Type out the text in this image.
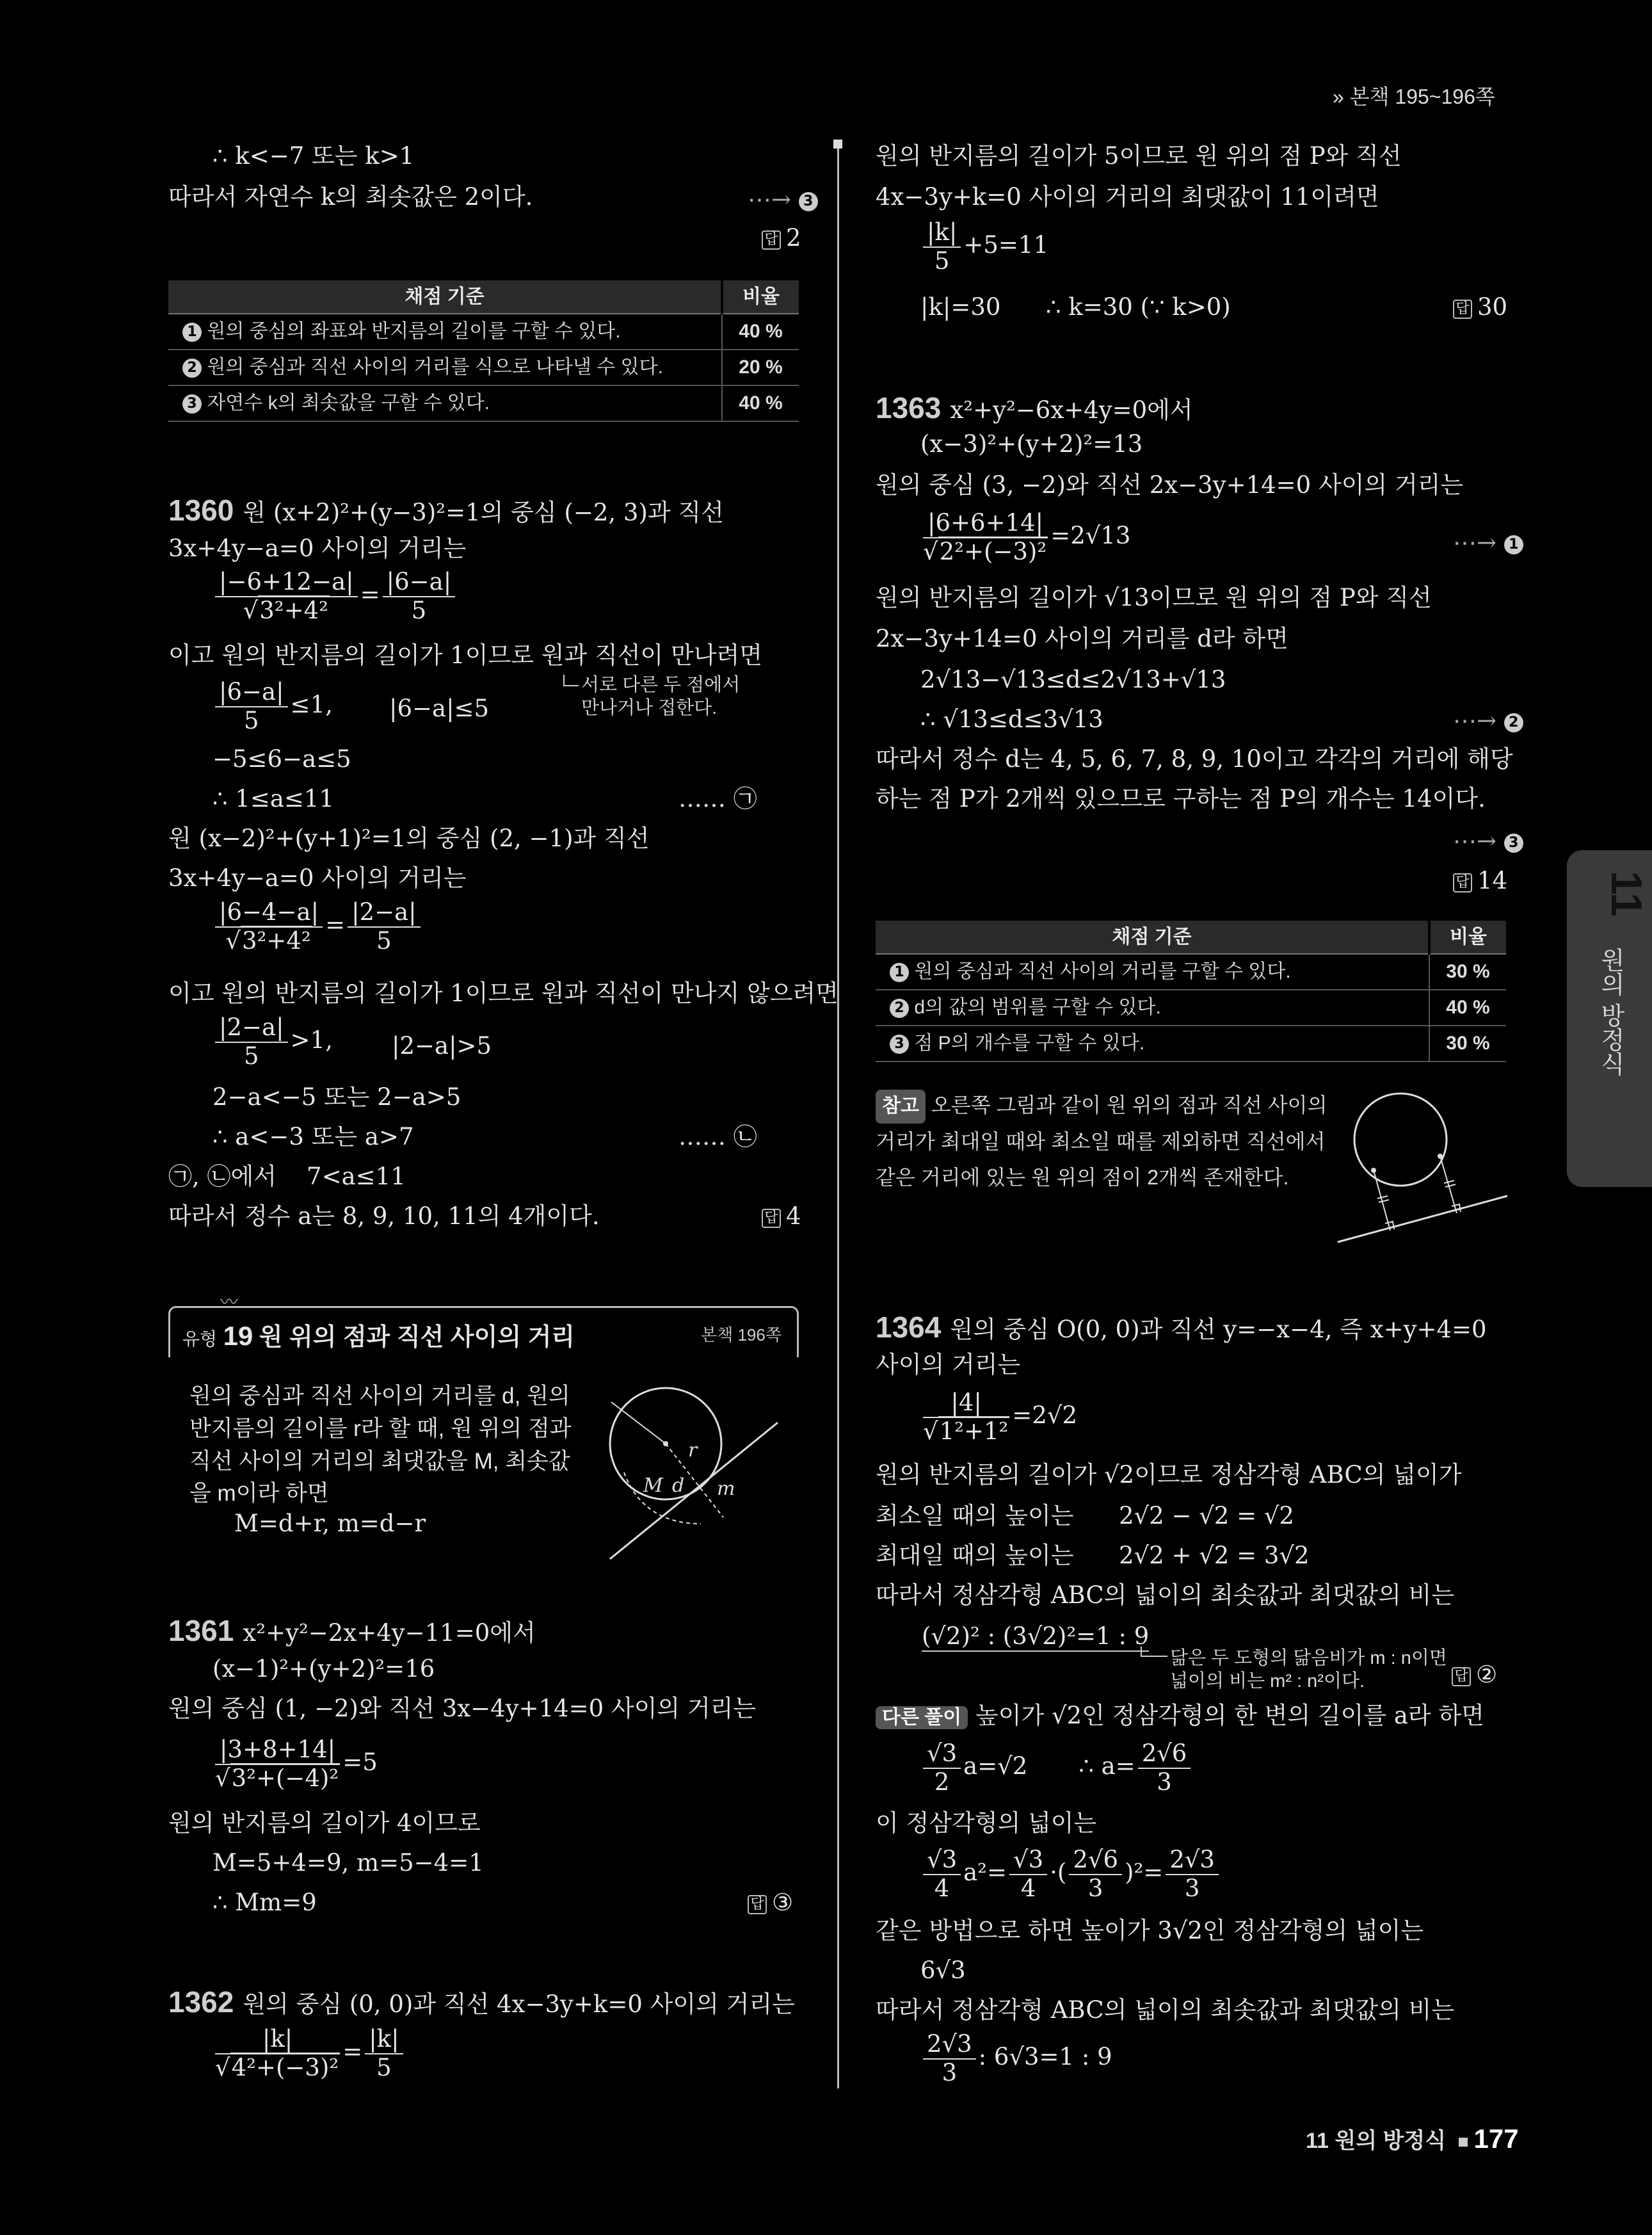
» 본책 195~196쪽
∴ k<−7 또는 k>1
따라서 자연수 k의 최솟값은 2이다.	⋯→ 3
답 2
채점 기준	비율
1 원의 중심의 좌표와 반지름의 길이를 구할 수 있다.	40 %
2 원의 중심과 직선 사이의 거리를 식으로 나타낼 수 있다.	20 %
3 자연수 k의 최솟값을 구할 수 있다.	40 %
1360 원 (x+2)²+(y−3)²=1의 중심 (−2, 3)과 직선
3x+4y−a=0 사이의 거리는
$\frac{|-6+12-a|}{\text{√3²+4²}} = \frac{|6-a|}{5}$
이고 원의 반지름의 길이가 1이므로 원과 직선이 만나려면
서로 다른 두 점에서
만나거나 접한다.
$\frac{|6-a|}{5} \le 1$, |6−a|≤5
−5≤6−a≤5
∴ 1≤a≤11	…… ㉠
원 (x−2)²+(y+1)²=1의 중심 (2, −1)과 직선
3x+4y−a=0 사이의 거리는
$\frac{|6-4-a|}{\text{√3²+4²}} = \frac{|2-a|}{5}$
이고 원의 반지름의 길이가 1이므로 원과 직선이 만나지 않으려면
$\frac{|2-a|}{5} >1$, |2−a|>5
2−a<−5 또는 2−a>5
∴ a<−3 또는 a>7	…… ㉡
㉠, ㉡에서    7<a≤11
따라서 정수 a는 8, 9, 10, 11의 4개이다.	답 4
〰
유형 19 원 위의 점과 직선 사이의 거리	본책 196쪽
원의 중심과 직선 사이의 거리를 d, 원의
반지름의 길이를 r라 할 때, 원 위의 점과
직선 사이의 거리의 최댓값을 M, 최솟값
을 m이라 하면
M=d+r, m=d−r
r
M d m
1361 x²+y²−2x+4y−11=0에서
(x−1)²+(y+2)²=16
원의 중심 (1, −2)와 직선 3x−4y+14=0 사이의 거리는
$\frac{|3+8+14|}{\text{√3²+(−4)²}} =5$
원의 반지름의 길이가 4이므로
M=5+4=9, m=5−4=1
∴ Mm=9	답 ③
1362 원의 중심 (0, 0)과 직선 4x−3y+k=0 사이의 거리는
$\frac{|k|}{\text{√4²+(−3)²}} = \frac{|k|}{5}$
원의 반지름의 길이가 5이므로 원 위의 점 P와 직선
4x−3y+k=0 사이의 거리의 최댓값이 11이려면
$\frac{|k|}{5} +5=11$
|k|=30      ∴ k=30 (∵ k>0)	답 30
1363 x²+y²−6x+4y=0에서
(x−3)²+(y+2)²=13
원의 중심 (3, −2)와 직선 2x−3y+14=0 사이의 거리는
$\frac{|6+6+14|}{\text{√2²+(−3)²}} =2√13$	⋯→ 1
원의 반지름의 길이가 √13이므로 원 위의 점 P와 직선
2x−3y+14=0 사이의 거리를 d라 하면
2√13−√13≤d≤2√13+√13
∴ √13≤d≤3√13	⋯→ 2
따라서 정수 d는 4, 5, 6, 7, 8, 9, 10이고 각각의 거리에 해당
하는 점 P가 2개씩 있으므로 구하는 점 P의 개수는 14이다.
⋯→ 3
답 14
채점 기준	비율
1 원의 중심과 직선 사이의 거리를 구할 수 있다.	30 %
2 d의 값의 범위를 구할 수 있다.	40 %
3 점 P의 개수를 구할 수 있다.	30 %
참고 오른쪽 그림과 같이 원 위의 점과 직선 사이의
거리가 최대일 때와 최소일 때를 제외하면 직선에서
같은 거리에 있는 원 위의 점이 2개씩 존재한다.
1364 원의 중심 O(0, 0)과 직선 y=−x−4, 즉 x+y+4=0
사이의 거리는
$\frac{|4|}{\text{√1²+1²}} =2√2$
원의 반지름의 길이가 √2이므로 정삼각형 ABC의 넓이가
최소일 때의 높이는      2√2 − √2 = √2
최대일 때의 높이는      2√2 + √2 = 3√2
따라서 정삼각형 ABC의 넓이의 최솟값과 최댓값의 비는
(√2)² : (3√2)²=1 : 9
닮은 두 도형의 닮음비가 m : n이면
넓이의 비는 m² : n²이다.	답 ②
다른 풀이 높이가 √2인 정삼각형의 한 변의 길이를 a라 하면
$\frac{√3}{2} a=√2$ ∴ $a= \frac{2√6}{3}$
이 정삼각형의 넓이는
$\frac{√3}{4} a^2= \frac{√3}{4}$ ·( $\frac{2√6}{3} )^2= \frac{2√3}{3}$
같은 방법으로 하면 높이가 3√2인 정삼각형의 넓이는
6√3
따라서 정삼각형 ABC의 넓이의 최솟값과 최댓값의 비는
$\frac{2√3}{3}$ : 6√3=1 : 9
11
원의 방정식
11 원의 방정식 177
